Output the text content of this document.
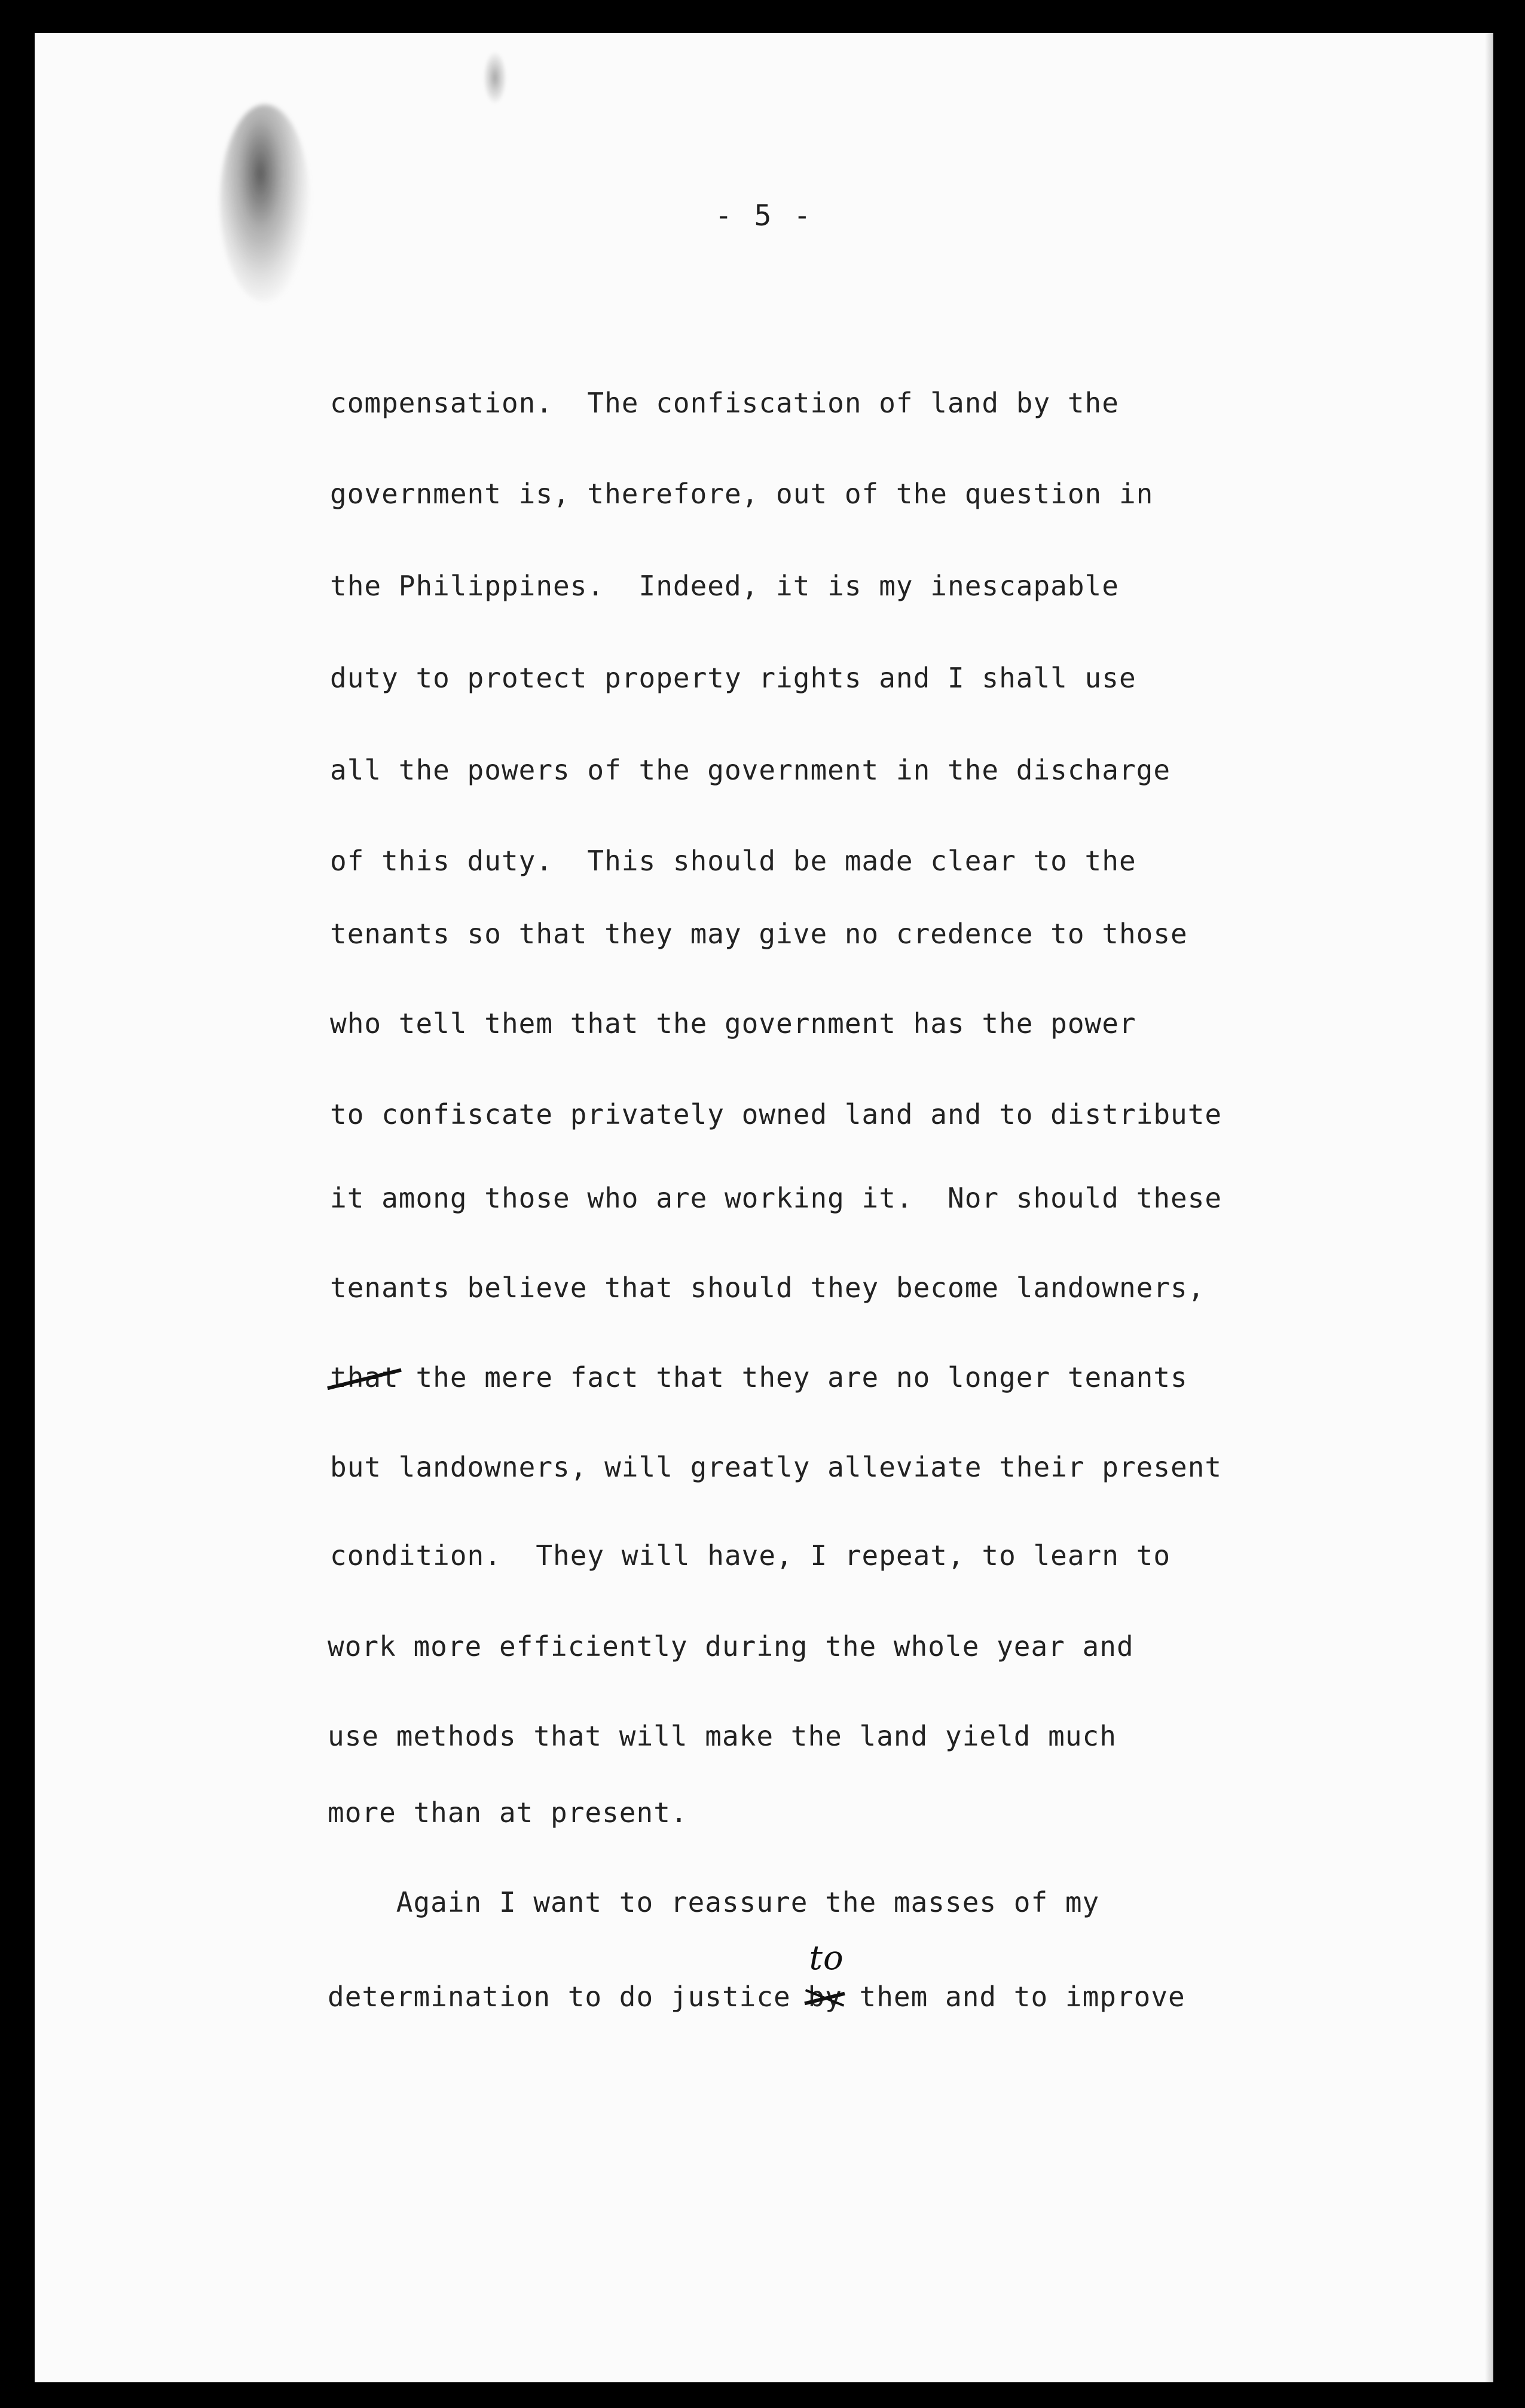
- 5 -
compensation.  The confiscation of land by the
government is, therefore, out of the question in
the Philippines.  Indeed, it is my inescapable
duty to protect property rights and I shall use
all the powers of the government in the discharge
of this duty.  This should be made clear to the
tenants so that they may give no credence to those
who tell them that the government has the power
to confiscate privately owned land and to distribute
it among those who are working it.  Nor should these
tenants believe that should they become landowners,
that
the mere fact that they are no longer tenants
but landowners, will greatly alleviate their present
condition.  They will have, I repeat, to learn to
work more efficiently during the whole year and
use methods that will make the land yield much
more than at present.
Again I want to reassure the masses of my
determination to do justice by
to
them and to improve
